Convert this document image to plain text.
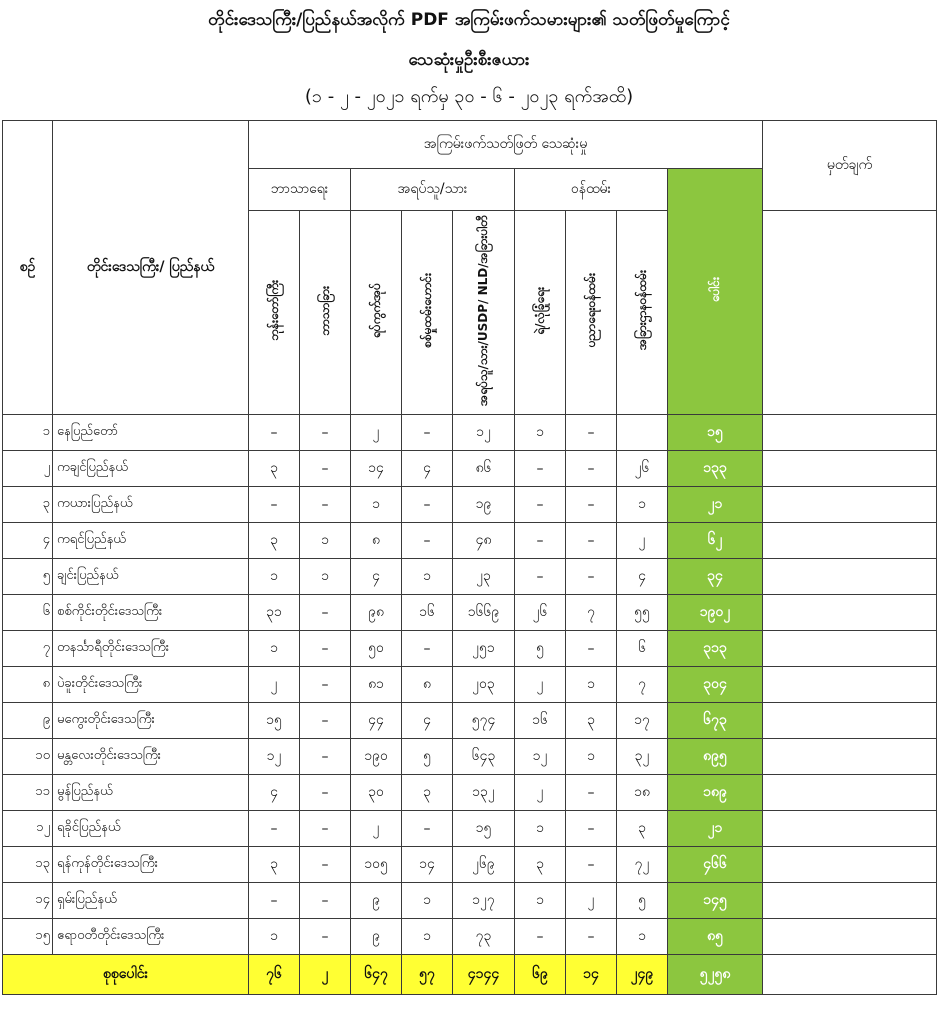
တိုင်းဒေသကြီး/ပြည်နယ်အလိုက် PDF အကြမ်းဖက်သမားများ၏ သတ်ဖြတ်မှုကြောင့်
သေဆုံးမှုဦးစီးဇယား
(၁ - ၂ - ၂၀၂၁ ရက်မှ ၃၀ - ၆ - ၂၀၂၃ ရက်အထိ)
စဉ်	တိုင်းဒေသကြီး/ ပြည်နယ်	အကြမ်းဖက်သတ်ဖြတ် သေဆုံးမှု									မှတ်ချက်
		ဘာသာရေး		အရပ်သူ/သား			ဝန်ထမ်း			ပေါင်း	
		ဘုန်းတော်ကြီး	ဘာသာခြား	ရပ်ကွက်အုပ်	စစ်မှုထမ်းဟောင်း	အရပ်သူ/သား/USDP/ NLD/အခြားပါတီ	ရဲ/လုံခြုံရေး	ပညာရေးဝန်ထမ်း	အခြားဌာနဝန်ထမ်း		
၁	နေပြည်တော်	–	–	၂	–	၁၂	၁	–		၁၅	
၂	ကချင်ပြည်နယ်	၃	–	၁၄	၄	၈၆	–	–	၂၆	၁၃၃	
၃	ကယားပြည်နယ်	–	–	၁	–	၁၉	–	–	၁	၂၁	
၄	ကရင်ပြည်နယ်	၃	၁	၈	–	၄၈	–	–	၂	၆၂	
၅	ချင်းပြည်နယ်	၁	၁	၄	၁	၂၃	–	–	၄	၃၄	
၆	စစ်ကိုင်းတိုင်းဒေသကြီး	၃၁	–	၉၈	၁၆	၁၆၆၉	၂၆	၇	၅၅	၁၉၀၂	
၇	တနင်္သာရီတိုင်းဒေသကြီး	၁	–	၅၀	–	၂၅၁	၅	–	၆	၃၁၃	
၈	ပဲခူးတိုင်းဒေသကြီး	၂	–	၈၁	၈	၂၀၃	၂	၁	၇	၃၀၄	
၉	မကွေးတိုင်းဒေသကြီး	၁၅	–	၄၄	၄	၅၇၄	၁၆	၃	၁၇	၆၇၃	
၁၀	မန္တလေးတိုင်းဒေသကြီး	၁၂	–	၁၉၀	၅	၆၄၃	၁၂	၁	၃၂	၈၉၅	
၁၁	မွန်ပြည်နယ်	၄	–	၃၀	၃	၁၃၂	၂	–	၁၈	၁၈၉	
၁၂	ရခိုင်ပြည်နယ်	–	–	၂	–	၁၅	၁	–	၃	၂၁	
၁၃	ရန်ကုန်တိုင်းဒေသကြီး	၃	–	၁၀၅	၁၄	၂၆၉	၃	–	၇၂	၄၆၆	
၁၄	ရှမ်းပြည်နယ်	–	–	၉	၁	၁၂၇	၁	၂	၅	၁၄၅	
၁၅	ဧရာဝတီတိုင်းဒေသကြီး	၁	–	၉	၁	၇၃	–	–	၁	၈၅	
စုစုပေါင်း		၇၆	၂	၆၄၇	၅၇	၄၁၄၄	၆၉	၁၄	၂၄၉	၅၂၅၈	
